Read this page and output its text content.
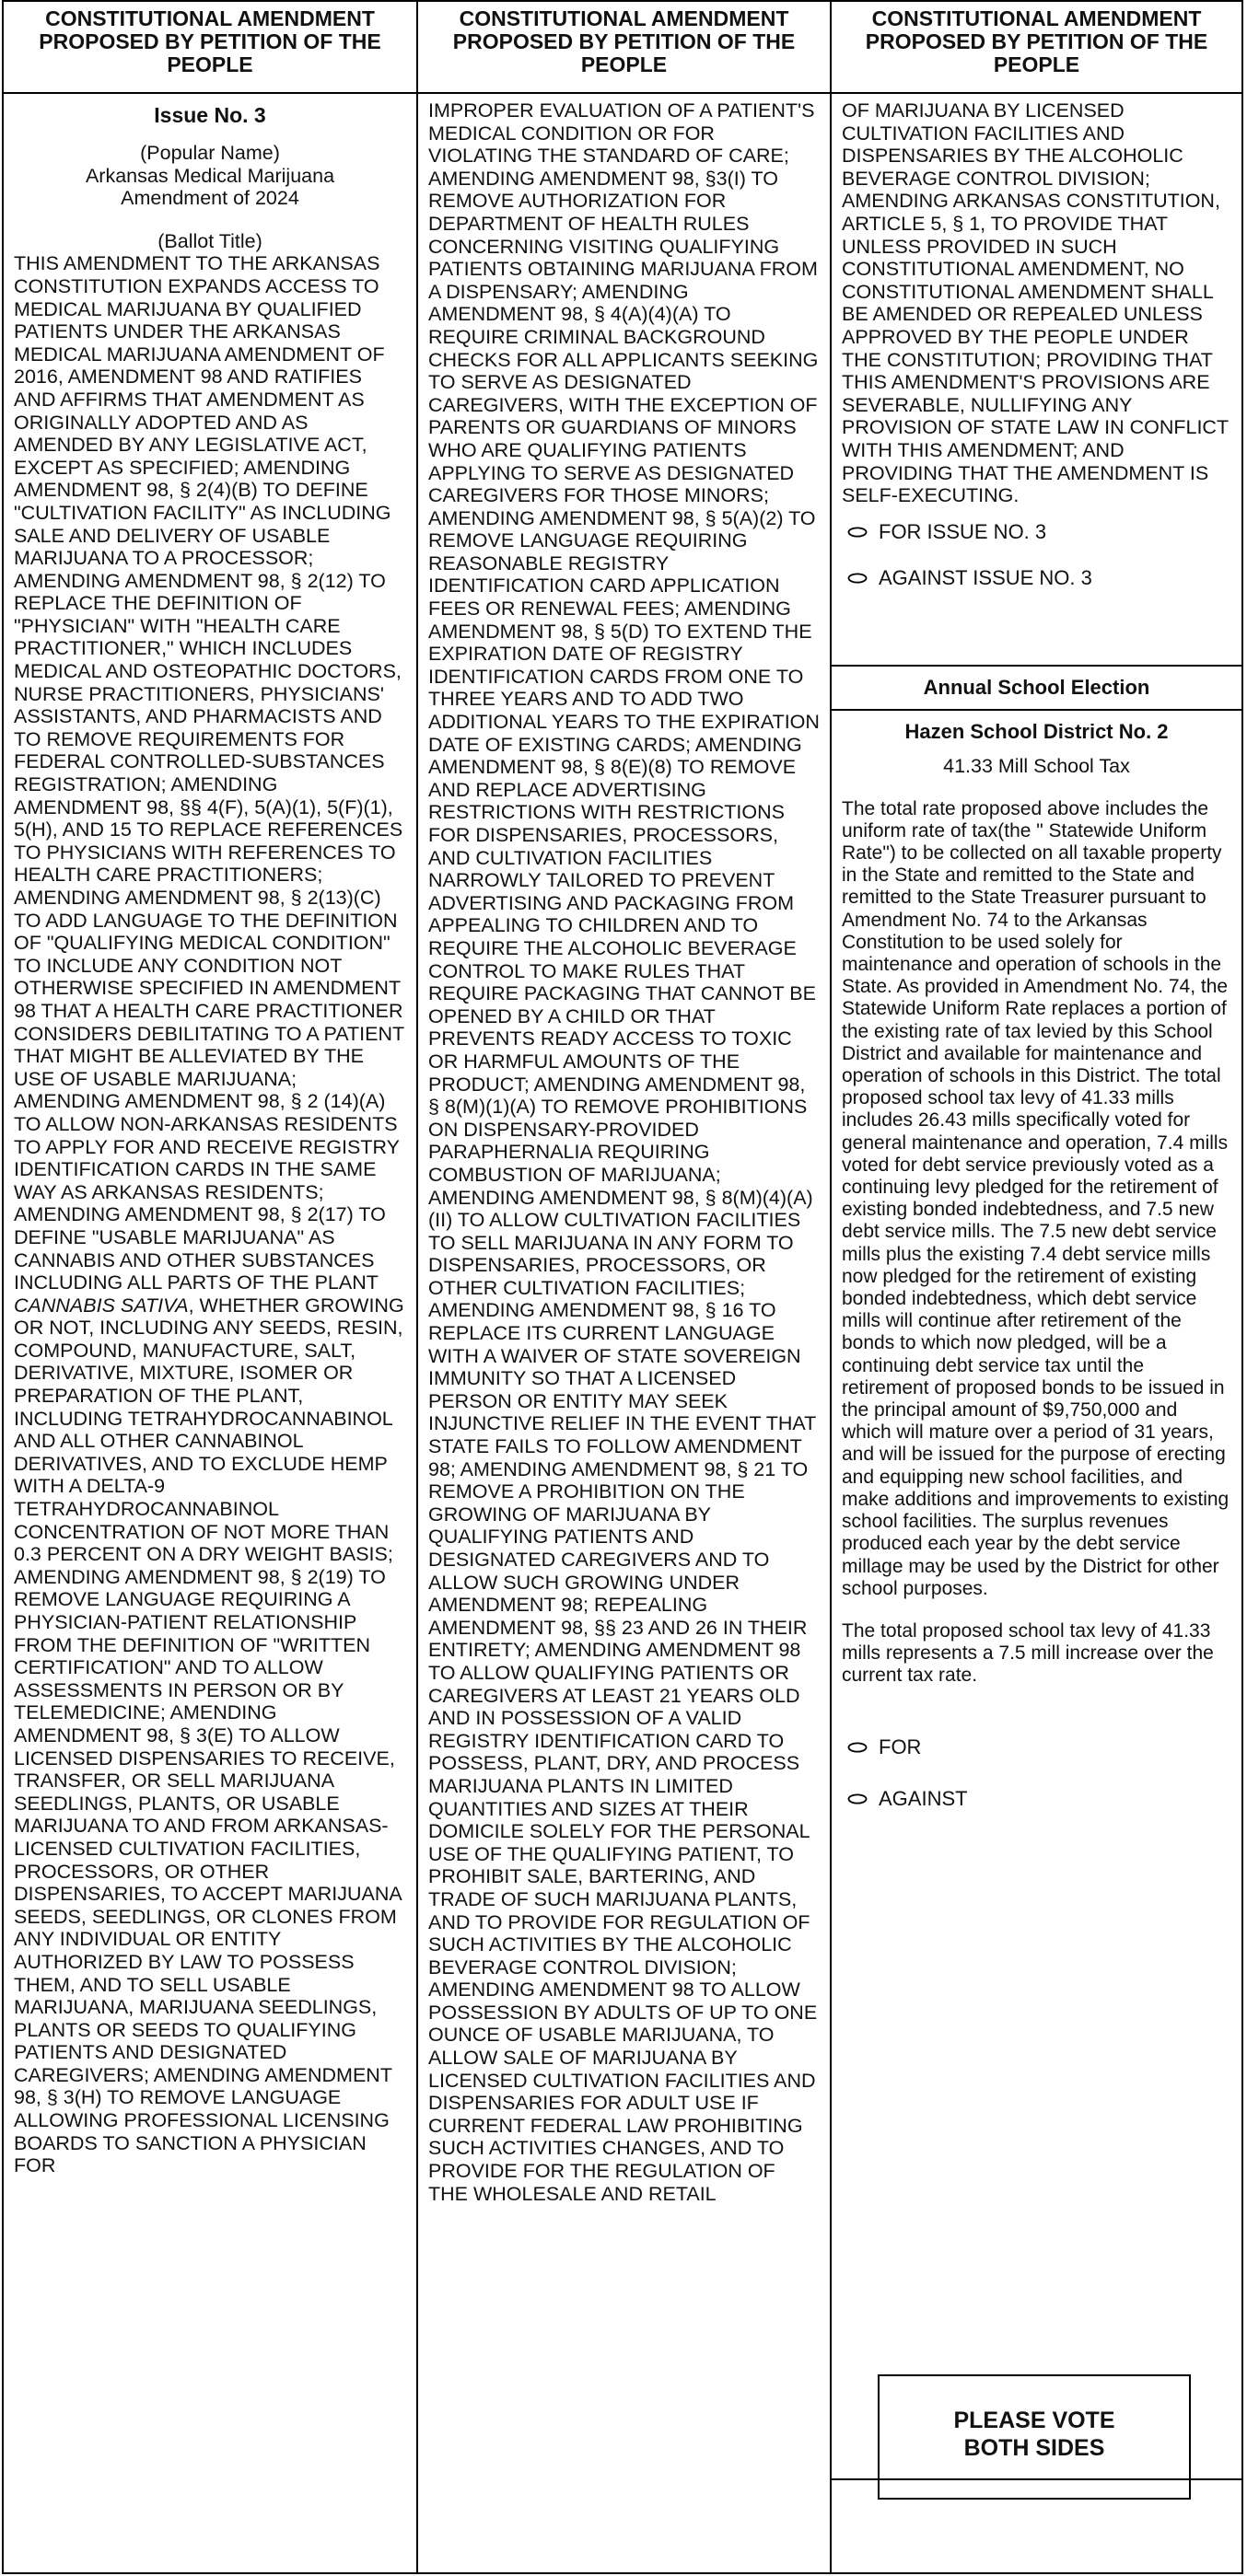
CONSTITUTIONAL AMENDMENT PROPOSED BY PETITION OF THE PEOPLE
Issue No. 3
(Popular Name)
Arkansas Medical Marijuana Amendment of 2024
(Ballot Title)

THIS AMENDMENT TO THE ARKANSAS CONSTITUTION EXPANDS ACCESS TO MEDICAL MARIJUANA BY QUALIFIED PATIENTS UNDER THE ARKANSAS MEDICAL MARIJUANA AMENDMENT OF 2016, AMENDMENT 98 AND RATIFIES AND AFFIRMS THAT AMENDMENT AS ORIGINALLY ADOPTED AND AS AMENDED BY ANY LEGISLATIVE ACT, EXCEPT AS SPECIFIED; AMENDING AMENDMENT 98, § 2(4)(B) TO DEFINE "CULTIVATION FACILITY" AS INCLUDING SALE AND DELIVERY OF USABLE MARIJUANA TO A PROCESSOR; AMENDING AMENDMENT 98, § 2(12) TO REPLACE THE DEFINITION OF "PHYSICIAN" WITH "HEALTH CARE PRACTITIONER," WHICH INCLUDES MEDICAL AND OSTEOPATHIC DOCTORS, NURSE PRACTITIONERS, PHYSICIANS' ASSISTANTS, AND PHARMACISTS AND TO REMOVE REQUIREMENTS FOR FEDERAL CONTROLLED-SUBSTANCES REGISTRATION; AMENDING AMENDMENT 98, §§ 4(F), 5(A)(1), 5(F)(1), 5(H), AND 15 TO REPLACE REFERENCES TO PHYSICIANS WITH REFERENCES TO HEALTH CARE PRACTITIONERS; AMENDING AMENDMENT 98, § 2(13)(C) TO ADD LANGUAGE TO THE DEFINITION OF "QUALIFYING MEDICAL CONDITION" TO INCLUDE ANY CONDITION NOT OTHERWISE SPECIFIED IN AMENDMENT 98 THAT A HEALTH CARE PRACTITIONER CONSIDERS DEBILITATING TO A PATIENT THAT MIGHT BE ALLEVIATED BY THE USE OF USABLE MARIJUANA; AMENDING AMENDMENT 98, § 2 (14)(A) TO ALLOW NON-ARKANSAS RESIDENTS TO APPLY FOR AND RECEIVE REGISTRY IDENTIFICATION CARDS IN THE SAME WAY AS ARKANSAS RESIDENTS; AMENDING AMENDMENT 98, § 2(17) TO DEFINE "USABLE MARIJUANA" AS CANNABIS AND OTHER SUBSTANCES INCLUDING ALL PARTS OF THE PLANT CANNABIS SATIVA, WHETHER GROWING OR NOT, INCLUDING ANY SEEDS, RESIN, COMPOUND, MANUFACTURE, SALT, DERIVATIVE, MIXTURE, ISOMER OR PREPARATION OF THE PLANT, INCLUDING TETRAHYDROCANNABINOL AND ALL OTHER CANNABINOL DERIVATIVES, AND TO EXCLUDE HEMP WITH A DELTA-9 TETRAHYDROCANNABINOL CONCENTRATION OF NOT MORE THAN 0.3 PERCENT ON A DRY WEIGHT BASIS; AMENDING AMENDMENT 98, § 2(19) TO REMOVE LANGUAGE REQUIRING A PHYSICIAN-PATIENT RELATIONSHIP FROM THE DEFINITION OF "WRITTEN CERTIFICATION" AND TO ALLOW ASSESSMENTS IN PERSON OR BY TELEMEDICINE; AMENDING AMENDMENT 98, § 3(E) TO ALLOW LICENSED DISPENSARIES TO RECEIVE, TRANSFER, OR SELL MARIJUANA SEEDLINGS, PLANTS, OR USABLE MARIJUANA TO AND FROM ARKANSAS-LICENSED CULTIVATION FACILITIES, PROCESSORS, OR OTHER DISPENSARIES, TO ACCEPT MARIJUANA SEEDS, SEEDLINGS, OR CLONES FROM ANY INDIVIDUAL OR ENTITY AUTHORIZED BY LAW TO POSSESS THEM, AND TO SELL USABLE MARIJUANA, MARIJUANA SEEDLINGS, PLANTS OR SEEDS TO QUALIFYING PATIENTS AND DESIGNATED CAREGIVERS; AMENDING AMENDMENT 98, § 3(H) TO REMOVE LANGUAGE ALLOWING PROFESSIONAL LICENSING BOARDS TO SANCTION A PHYSICIAN FOR

CONSTITUTIONAL AMENDMENT PROPOSED BY PETITION OF THE PEOPLE

IMPROPER EVALUATION OF A PATIENT'S MEDICAL CONDITION OR FOR VIOLATING THE STANDARD OF CARE; AMENDING AMENDMENT 98, §3(I) TO REMOVE AUTHORIZATION FOR DEPARTMENT OF HEALTH RULES CONCERNING VISITING QUALIFYING PATIENTS OBTAINING MARIJUANA FROM A DISPENSARY; AMENDING AMENDMENT 98, § 4(A)(4)(A) TO REQUIRE CRIMINAL BACKGROUND CHECKS FOR ALL APPLICANTS SEEKING TO SERVE AS DESIGNATED CAREGIVERS, WITH THE EXCEPTION OF PARENTS OR GUARDIANS OF MINORS WHO ARE QUALIFYING PATIENTS APPLYING TO SERVE AS DESIGNATED CAREGIVERS FOR THOSE MINORS; AMENDING AMENDMENT 98, § 5(A)(2) TO REMOVE LANGUAGE REQUIRING REASONABLE REGISTRY IDENTIFICATION CARD APPLICATION FEES OR RENEWAL FEES; AMENDING AMENDMENT 98, § 5(D) TO EXTEND THE EXPIRATION DATE OF REGISTRY IDENTIFICATION CARDS FROM ONE TO THREE YEARS AND TO ADD TWO ADDITIONAL YEARS TO THE EXPIRATION DATE OF EXISTING CARDS; AMENDING AMENDMENT 98, § 8(E)(8) TO REMOVE AND REPLACE ADVERTISING RESTRICTIONS WITH RESTRICTIONS FOR DISPENSARIES, PROCESSORS, AND CULTIVATION FACILITIES NARROWLY TAILORED TO PREVENT ADVERTISING AND PACKAGING FROM APPEALING TO CHILDREN AND TO REQUIRE THE ALCOHOLIC BEVERAGE CONTROL TO MAKE RULES THAT REQUIRE PACKAGING THAT CANNOT BE OPENED BY A CHILD OR THAT PREVENTS READY ACCESS TO TOXIC OR HARMFUL AMOUNTS OF THE PRODUCT; AMENDING AMENDMENT 98, § 8(M)(1)(A) TO REMOVE PROHIBITIONS ON DISPENSARY-PROVIDED PARAPHERNALIA REQUIRING COMBUSTION OF MARIJUANA; AMENDING AMENDMENT 98, § 8(M)(4)(A)(II) TO ALLOW CULTIVATION FACILITIES TO SELL MARIJUANA IN ANY FORM TO DISPENSARIES, PROCESSORS, OR OTHER CULTIVATION FACILITIES; AMENDING AMENDMENT 98, § 16 TO REPLACE ITS CURRENT LANGUAGE WITH A WAIVER OF STATE SOVEREIGN IMMUNITY SO THAT A LICENSED PERSON OR ENTITY MAY SEEK INJUNCTIVE RELIEF IN THE EVENT THAT STATE FAILS TO FOLLOW AMENDMENT 98; AMENDING AMENDMENT 98, § 21 TO REMOVE A PROHIBITION ON THE GROWING OF MARIJUANA BY QUALIFYING PATIENTS AND DESIGNATED CAREGIVERS AND TO ALLOW SUCH GROWING UNDER AMENDMENT 98; REPEALING AMENDMENT 98, §§ 23 AND 26 IN THEIR ENTIRETY; AMENDING AMENDMENT 98 TO ALLOW QUALIFYING PATIENTS OR CAREGIVERS AT LEAST 21 YEARS OLD AND IN POSSESSION OF A VALID REGISTRY IDENTIFICATION CARD TO POSSESS, PLANT, DRY, AND PROCESS MARIJUANA PLANTS IN LIMITED QUANTITIES AND SIZES AT THEIR DOMICILE SOLELY FOR THE PERSONAL USE OF THE QUALIFYING PATIENT, TO PROHIBIT SALE, BARTERING, AND TRADE OF SUCH MARIJUANA PLANTS, AND TO PROVIDE FOR REGULATION OF SUCH ACTIVITIES BY THE ALCOHOLIC BEVERAGE CONTROL DIVISION; AMENDING AMENDMENT 98 TO ALLOW POSSESSION BY ADULTS OF UP TO ONE OUNCE OF USABLE MARIJUANA, TO ALLOW SALE OF MARIJUANA BY LICENSED CULTIVATION FACILITIES AND DISPENSARIES FOR ADULT USE IF CURRENT FEDERAL LAW PROHIBITING SUCH ACTIVITIES CHANGES, AND TO PROVIDE FOR THE REGULATION OF THE WHOLESALE AND RETAIL

CONSTITUTIONAL AMENDMENT PROPOSED BY PETITION OF THE PEOPLE

OF MARIJUANA BY LICENSED CULTIVATION FACILITIES AND DISPENSARIES BY THE ALCOHOLIC BEVERAGE CONTROL DIVISION; AMENDING ARKANSAS CONSTITUTION, ARTICLE 5, § 1, TO PROVIDE THAT UNLESS PROVIDED IN SUCH CONSTITUTIONAL AMENDMENT, NO CONSTITUTIONAL AMENDMENT SHALL BE AMENDED OR REPEALED UNLESS APPROVED BY THE PEOPLE UNDER THE CONSTITUTION; PROVIDING THAT THIS AMENDMENT'S PROVISIONS ARE SEVERABLE, NULLIFYING ANY PROVISION OF STATE LAW IN CONFLICT WITH THIS AMENDMENT; AND PROVIDING THAT THE AMENDMENT IS SELF-EXECUTING.

FOR ISSUE NO. 3
AGAINST ISSUE NO. 3
Annual School Election
Hazen School District No. 2
41.33 Mill School Tax

The total rate proposed above includes the uniform rate of tax(the " Statewide Uniform Rate") to be collected on all taxable property in the State and remitted to the State and remitted to the State Treasurer pursuant to Amendment No. 74 to the Arkansas Constitution to be used solely for maintenance and operation of schools in the State. As provided in Amendment No. 74, the Statewide Uniform Rate replaces a portion of the existing rate of tax levied by this School District and available for maintenance and operation of schools in this District. The total proposed school tax levy of 41.33 mills includes 26.43 mills specifically voted for general maintenance and operation, 7.4 mills voted for debt service previously voted as a continuing levy pledged for the retirement of existing bonded indebtedness, and 7.5 new debt service mills. The 7.5 new debt service mills plus the existing 7.4 debt service mills now pledged for the retirement of existing bonded indebtedness, which debt service mills will continue after retirement of the bonds to which now pledged, will be a continuing debt service tax until the retirement of proposed bonds to be issued in the principal amount of $9,750,000 and which will mature over a period of 31 years, and will be issued for the purpose of erecting and equipping new school facilities, and make additions and improvements to existing school facilities. The surplus revenues produced each year by the debt service millage may be used by the District for other school purposes.

The total proposed school tax levy of 41.33 mills represents a 7.5 mill increase over the current tax rate.

FOR
AGAINST
PLEASE VOTE
BOTH SIDES
